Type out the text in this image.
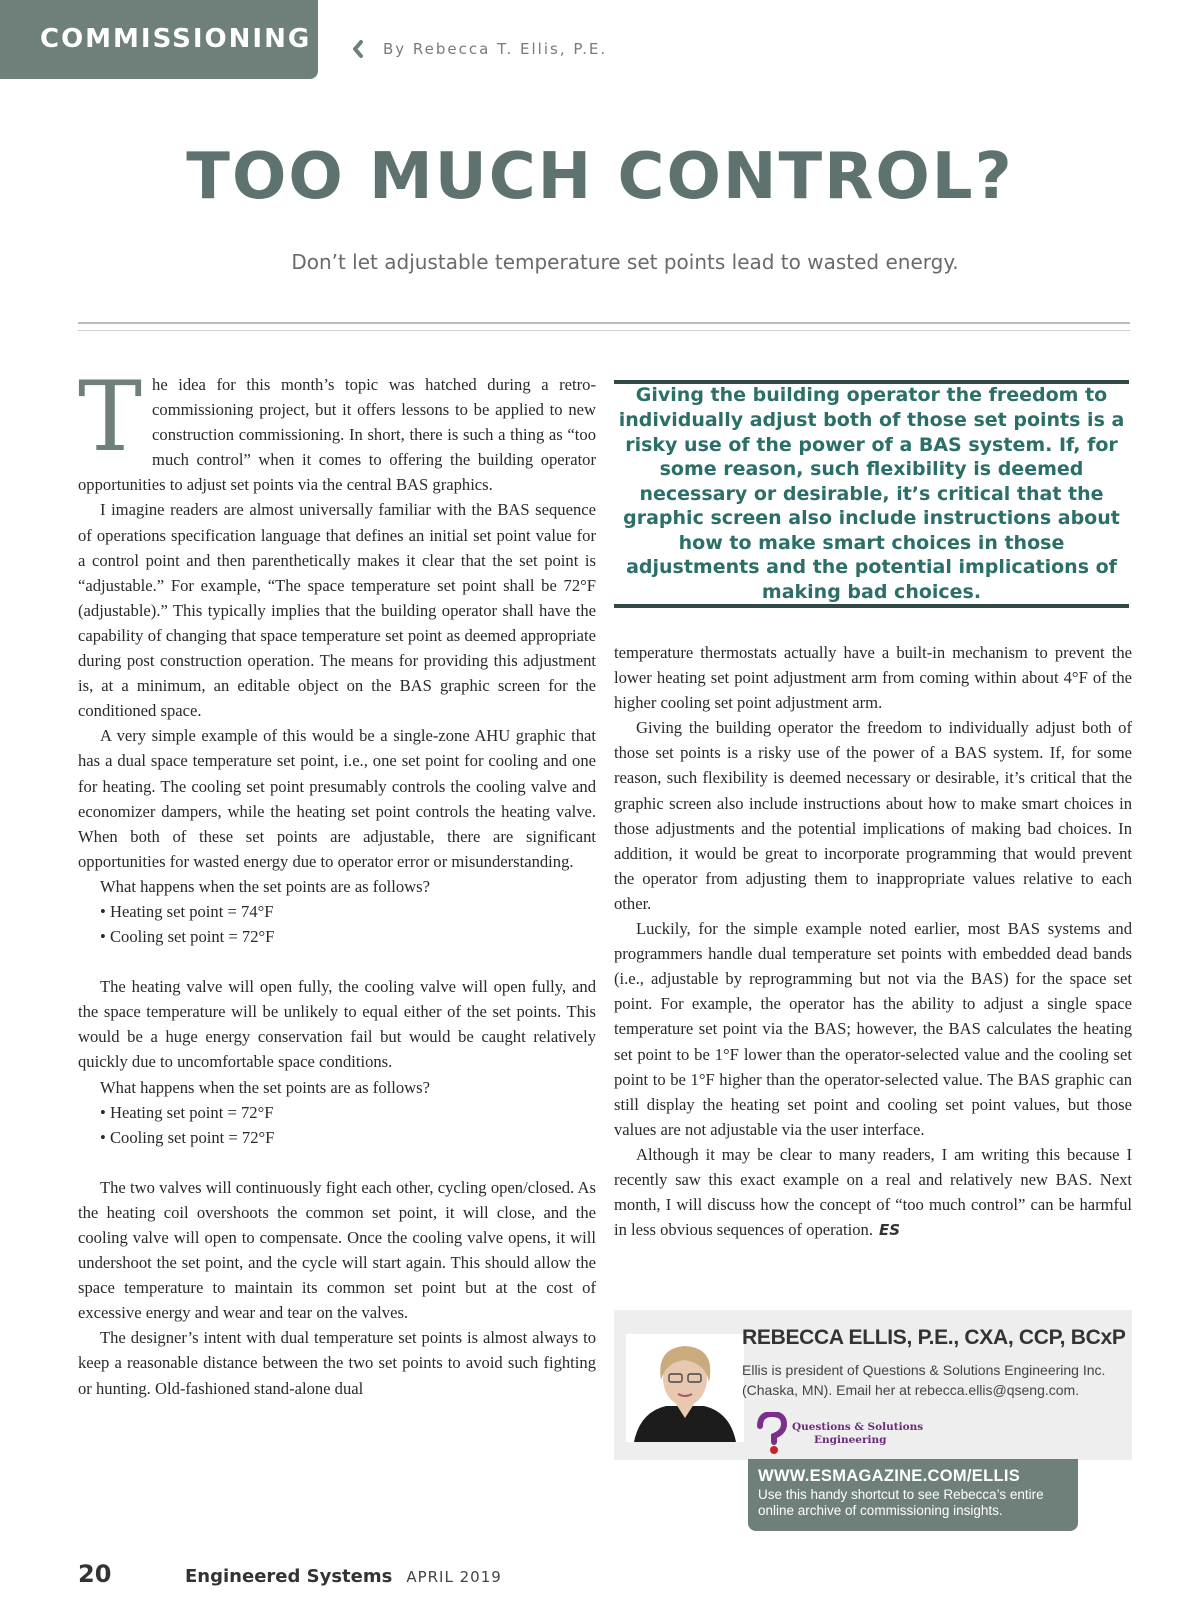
COMMISSIONING	By Rebecca T. Ellis, P.E.
TOO MUCH CONTROL?
Don’t let adjustable temperature set points lead to wasted energy.

The idea for this month’s topic was hatched during a retro-commissioning project, but it offers lessons to be applied to new construction commissioning. In short, there is such a thing as “too much control” when it comes to offering the building operator opportunities to adjust set points via the central BAS graphics.

I imagine readers are almost universally familiar with the BAS sequence of operations specification language that defines an initial set point value for a control point and then parenthetically makes it clear that the set point is “adjustable.” For example, “The space temperature set point shall be 72°F (adjustable).” This typically implies that the building operator shall have the capability of changing that space temperature set point as deemed appropriate during post construction operation. The means for providing this adjustment is, at a minimum, an editable object on the BAS graphic screen for the conditioned space.

A very simple example of this would be a single-zone AHU graphic that has a dual space temperature set point, i.e., one set point for cooling and one for heating. The cooling set point presumably controls the cooling valve and economizer dampers, while the heating set point controls the heating valve. When both of these set points are adjustable, there are significant opportunities for wasted energy due to operator error or misunderstanding.

What happens when the set points are as follows?

• Heating set point = 74°F
• Cooling set point = 72°F

The heating valve will open fully, the cooling valve will open fully, and the space temperature will be unlikely to equal either of the set points. This would be a huge energy conservation fail but would be caught relatively quickly due to uncomfortable space conditions.

What happens when the set points are as follows?

• Heating set point = 72°F
• Cooling set point = 72°F

The two valves will continuously fight each other, cycling open/closed. As the heating coil overshoots the common set point, it will close, and the cooling valve will open to compensate. Once the cooling valve opens, it will undershoot the set point, and the cycle will start again. This should allow the space temperature to maintain its common set point but at the cost of excessive energy and wear and tear on the valves.

The designer’s intent with dual temperature set points is almost always to keep a reasonable distance between the two set points to avoid such fighting or hunting. Old-fashioned stand-alone dual

Giving the building operator the freedom to individually adjust both of those set points is a risky use of the power of a BAS system. If, for some reason, such flexibility is deemed necessary or desirable, it’s critical that the graphic screen also include instructions about how to make smart choices in those adjustments and the potential implications of making bad choices.

temperature thermostats actually have a built-in mechanism to prevent the lower heating set point adjustment arm from coming within about 4°F of the higher cooling set point adjustment arm.

Giving the building operator the freedom to individually adjust both of those set points is a risky use of the power of a BAS system. If, for some reason, such flexibility is deemed necessary or desirable, it’s critical that the graphic screen also include instructions about how to make smart choices in those adjustments and the potential implications of making bad choices. In addition, it would be great to incorporate programming that would prevent the operator from adjusting them to inappropriate values relative to each other.

Luckily, for the simple example noted earlier, most BAS systems and programmers handle dual temperature set points with embedded dead bands (i.e., adjustable by reprogramming but not via the BAS) for the space set point. For example, the operator has the ability to adjust a single space temperature set point via the BAS; however, the BAS calculates the heating set point to be 1°F lower than the operator-selected value and the cooling set point to be 1°F higher than the operator-selected value. The BAS graphic can still display the heating set point and cooling set point values, but those values are not adjustable via the user interface.

Although it may be clear to many readers, I am writing this because I recently saw this exact example on a real and relatively new BAS. Next month, I will discuss how the concept of “too much control” can be harmful in less obvious sequences of operation. ES

REBECCA ELLIS, P.E., CXA, CCP, BCxP
Ellis is president of Questions & Solutions Engineering Inc. (Chaska, MN). Email her at rebecca.ellis@qseng.com.
Questions & Solutions
Engineering
WWW.ESMAGAZINE.COM/ELLIS
Use this handy shortcut to see Rebecca’s entire online archive of commissioning insights.
20	Engineered Systems APRIL 2019
